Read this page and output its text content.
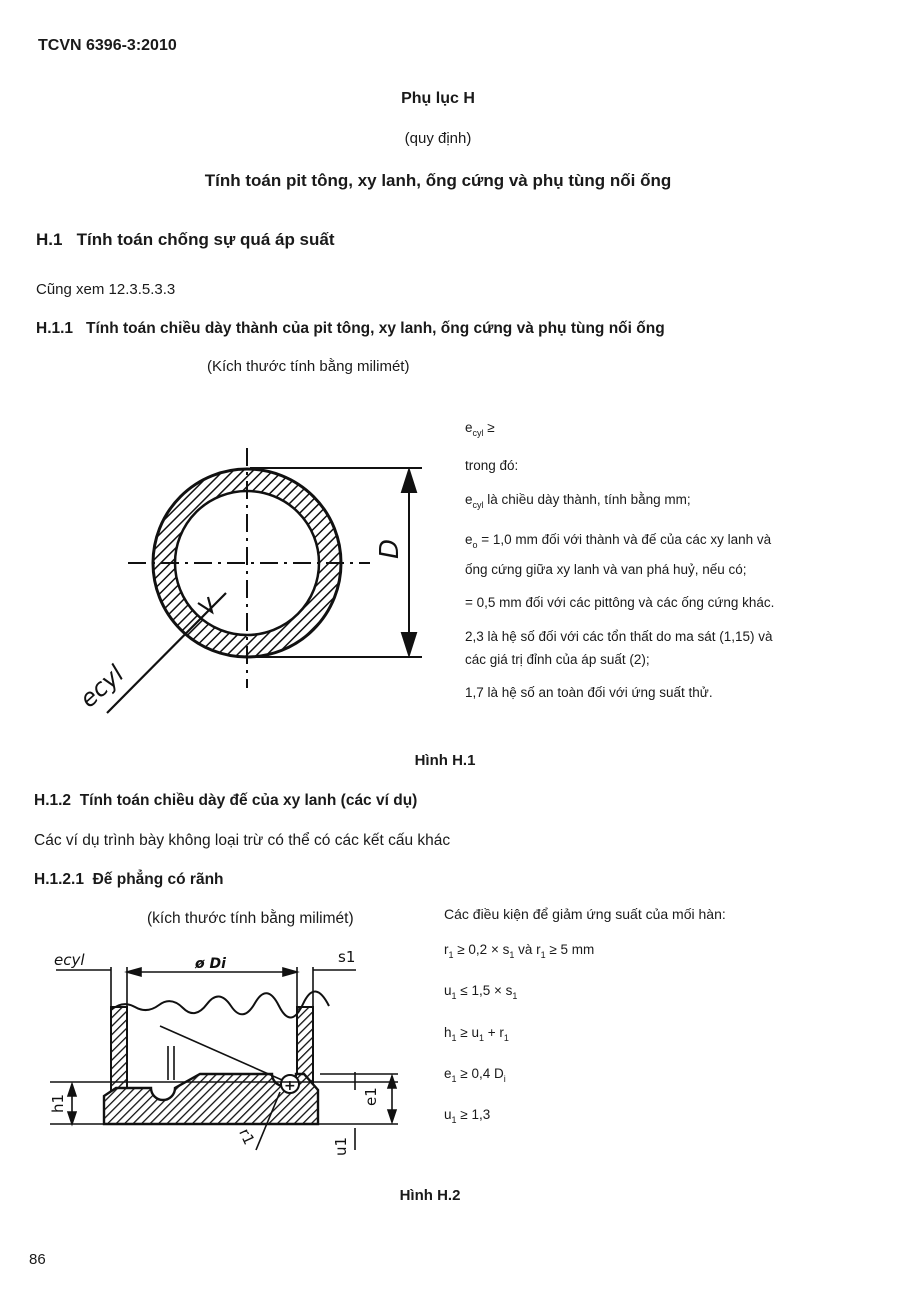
TCVN 6396-3:2010
Phụ lục H
(quy định)
Tính toán pit tông, xy lanh, ống cứng và phụ tùng nối ống
H.1 Tính toán chống sự quá áp suất
Cũng xem 12.3.5.3.3
H.1.1 Tính toán chiều dày thành của pit tông, xy lanh, ống cứng và phụ tùng nối ống
(Kích thước tính bằng milimét)
D
ecyl
$e_{cyl}$ ≥
trong đó:
$e_{cyl}$ là chiều dày thành, tính bằng mm;
$e_o = 1,0$ mm đối với thành và đế của các xy lanh và
ống cứng giữa xy lanh và van phá huỷ, nếu có;
= 0,5 mm đối với các pittông và các ống cứng khác.
2,3 là hệ số đối với các tổn thất do ma sát (1,15) và
các giá trị đỉnh của áp suất (2);
1,7 là hệ số an toàn đối với ứng suất thử.
Hình H.1
H.1.2 Tính toán chiều dày đế của xy lanh (các ví dụ)
Các ví dụ trình bày không loại trừ có thể có các kết cấu khác
H.1.2.1 Đế phẳng có rãnh
(kích thước tính bằng milimét)
+
ecyl	ø Di	s1
h1	e1
r1	u1
Các điều kiện để giảm ứng suất của mối hàn:
$r_1 \ge 0,2 \times s_1$ và $r_1 \ge 5$ mm
$u_1 \le 1,5 \times s_1$
$h_1 \ge u_1 + r_1$
$e_1 \ge 0,4$ $D_i$
$u_1 \ge 1,3$
Hình H.2
86
